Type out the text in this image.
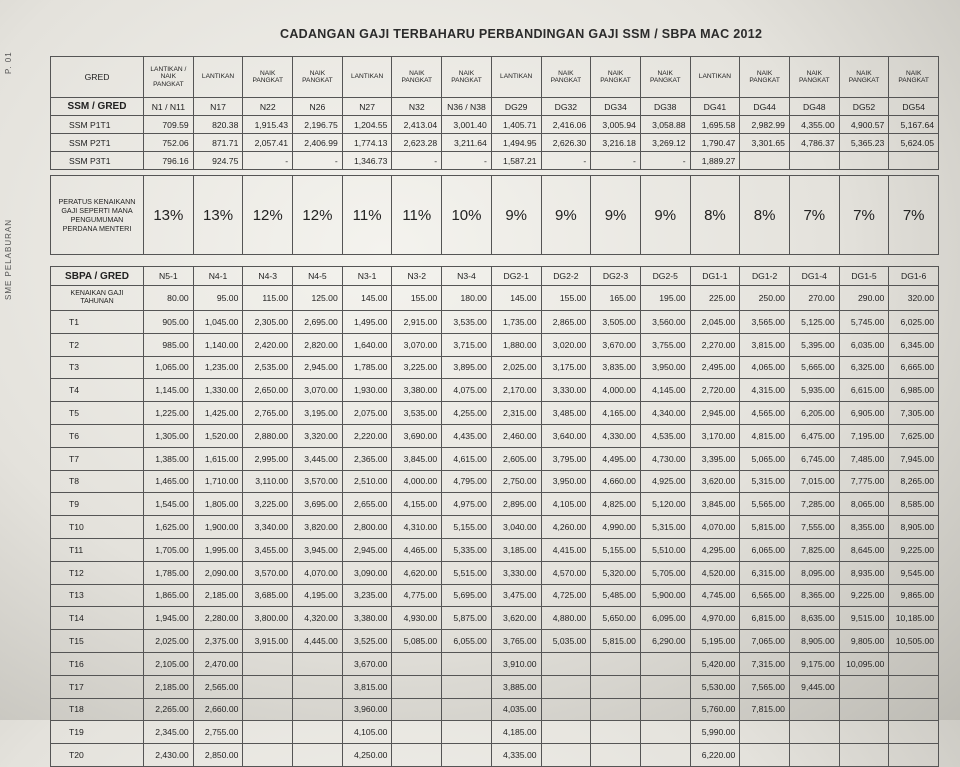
CADANGAN GAJI TERBAHARU PERBANDINGAN GAJI SSM / SBPA MAC 2012
P. 01
SME PELABURAN
GRED	LANTIKAN / NAIK PANGKAT	LANTIKAN	NAIK PANGKAT	NAIK PANGKAT	LANTIKAN	NAIK PANGKAT	NAIK PANGKAT	LANTIKAN	NAIK PANGKAT	NAIK PANGKAT	NAIK PANGKAT	LANTIKAN	NAIK PANGKAT	NAIK PANGKAT	NAIK PANGKAT	NAIK PANGKAT
SSM / GRED	N1 / N11	N17	N22	N26	N27	N32	N36 / N38	DG29	DG32	DG34	DG38	DG41	DG44	DG48	DG52	DG54
SSM P1T1	709.59	820.38	1,915.43	2,196.75	1,204.55	2,413.04	3,001.40	1,405.71	2,416.06	3,005.94	3,058.88	1,695.58	2,982.99	4,355.00	4,900.57	5,167.64
SSM P2T1	752.06	871.71	2,057.41	2,406.99	1,774.13	2,623.28	3,211.64	1,494.95	2,626.30	3,216.18	3,269.12	1,790.47	3,301.65	4,786.37	5,365.23	5,624.05
SSM P3T1	796.16	924.75	-	-	1,346.73	-	-	1,587.21	-	-	-	1,889.27				
PERATUS KENAIKANN GAJI SEPERTI MANA PENGUMUMAN PERDANA MENTERI	13%	13%	12%	12%	11%	11%	10%	9%	9%	9%	9%	8%	8%	7%	7%	7%
SBPA / GRED	N5-1	N4-1	N4-3	N4-5	N3-1	N3-2	N3-4	DG2-1	DG2-2	DG2-3	DG2-5	DG1-1	DG1-2	DG1-4	DG1-5	DG1-6
KENAIKAN GAJI TAHUNAN	80.00	95.00	115.00	125.00	145.00	155.00	180.00	145.00	155.00	165.00	195.00	225.00	250.00	270.00	290.00	320.00
T1	905.00	1,045.00	2,305.00	2,695.00	1,495.00	2,915.00	3,535.00	1,735.00	2,865.00	3,505.00	3,560.00	2,045.00	3,565.00	5,125.00	5,745.00	6,025.00
T2	985.00	1,140.00	2,420.00	2,820.00	1,640.00	3,070.00	3,715.00	1,880.00	3,020.00	3,670.00	3,755.00	2,270.00	3,815.00	5,395.00	6,035.00	6,345.00
T3	1,065.00	1,235.00	2,535.00	2,945.00	1,785.00	3,225.00	3,895.00	2,025.00	3,175.00	3,835.00	3,950.00	2,495.00	4,065.00	5,665.00	6,325.00	6,665.00
T4	1,145.00	1,330.00	2,650.00	3,070.00	1,930.00	3,380.00	4,075.00	2,170.00	3,330.00	4,000.00	4,145.00	2,720.00	4,315.00	5,935.00	6,615.00	6,985.00
T5	1,225.00	1,425.00	2,765.00	3,195.00	2,075.00	3,535.00	4,255.00	2,315.00	3,485.00	4,165.00	4,340.00	2,945.00	4,565.00	6,205.00	6,905.00	7,305.00
T6	1,305.00	1,520.00	2,880.00	3,320.00	2,220.00	3,690.00	4,435.00	2,460.00	3,640.00	4,330.00	4,535.00	3,170.00	4,815.00	6,475.00	7,195.00	7,625.00
T7	1,385.00	1,615.00	2,995.00	3,445.00	2,365.00	3,845.00	4,615.00	2,605.00	3,795.00	4,495.00	4,730.00	3,395.00	5,065.00	6,745.00	7,485.00	7,945.00
T8	1,465.00	1,710.00	3,110.00	3,570.00	2,510.00	4,000.00	4,795.00	2,750.00	3,950.00	4,660.00	4,925.00	3,620.00	5,315.00	7,015.00	7,775.00	8,265.00
T9	1,545.00	1,805.00	3,225.00	3,695.00	2,655.00	4,155.00	4,975.00	2,895.00	4,105.00	4,825.00	5,120.00	3,845.00	5,565.00	7,285.00	8,065.00	8,585.00
T10	1,625.00	1,900.00	3,340.00	3,820.00	2,800.00	4,310.00	5,155.00	3,040.00	4,260.00	4,990.00	5,315.00	4,070.00	5,815.00	7,555.00	8,355.00	8,905.00
T11	1,705.00	1,995.00	3,455.00	3,945.00	2,945.00	4,465.00	5,335.00	3,185.00	4,415.00	5,155.00	5,510.00	4,295.00	6,065.00	7,825.00	8,645.00	9,225.00
T12	1,785.00	2,090.00	3,570.00	4,070.00	3,090.00	4,620.00	5,515.00	3,330.00	4,570.00	5,320.00	5,705.00	4,520.00	6,315.00	8,095.00	8,935.00	9,545.00
T13	1,865.00	2,185.00	3,685.00	4,195.00	3,235.00	4,775.00	5,695.00	3,475.00	4,725.00	5,485.00	5,900.00	4,745.00	6,565.00	8,365.00	9,225.00	9,865.00
T14	1,945.00	2,280.00	3,800.00	4,320.00	3,380.00	4,930.00	5,875.00	3,620.00	4,880.00	5,650.00	6,095.00	4,970.00	6,815.00	8,635.00	9,515.00	10,185.00
T15	2,025.00	2,375.00	3,915.00	4,445.00	3,525.00	5,085.00	6,055.00	3,765.00	5,035.00	5,815.00	6,290.00	5,195.00	7,065.00	8,905.00	9,805.00	10,505.00
T16	2,105.00	2,470.00			3,670.00			3,910.00				5,420.00	7,315.00	9,175.00	10,095.00	
T17	2,185.00	2,565.00			3,815.00			3,885.00				5,530.00	7,565.00	9,445.00		
T18	2,265.00	2,660.00			3,960.00			4,035.00				5,760.00	7,815.00			
T19	2,345.00	2,755.00			4,105.00			4,185.00				5,990.00				
T20	2,430.00	2,850.00			4,250.00			4,335.00				6,220.00				
